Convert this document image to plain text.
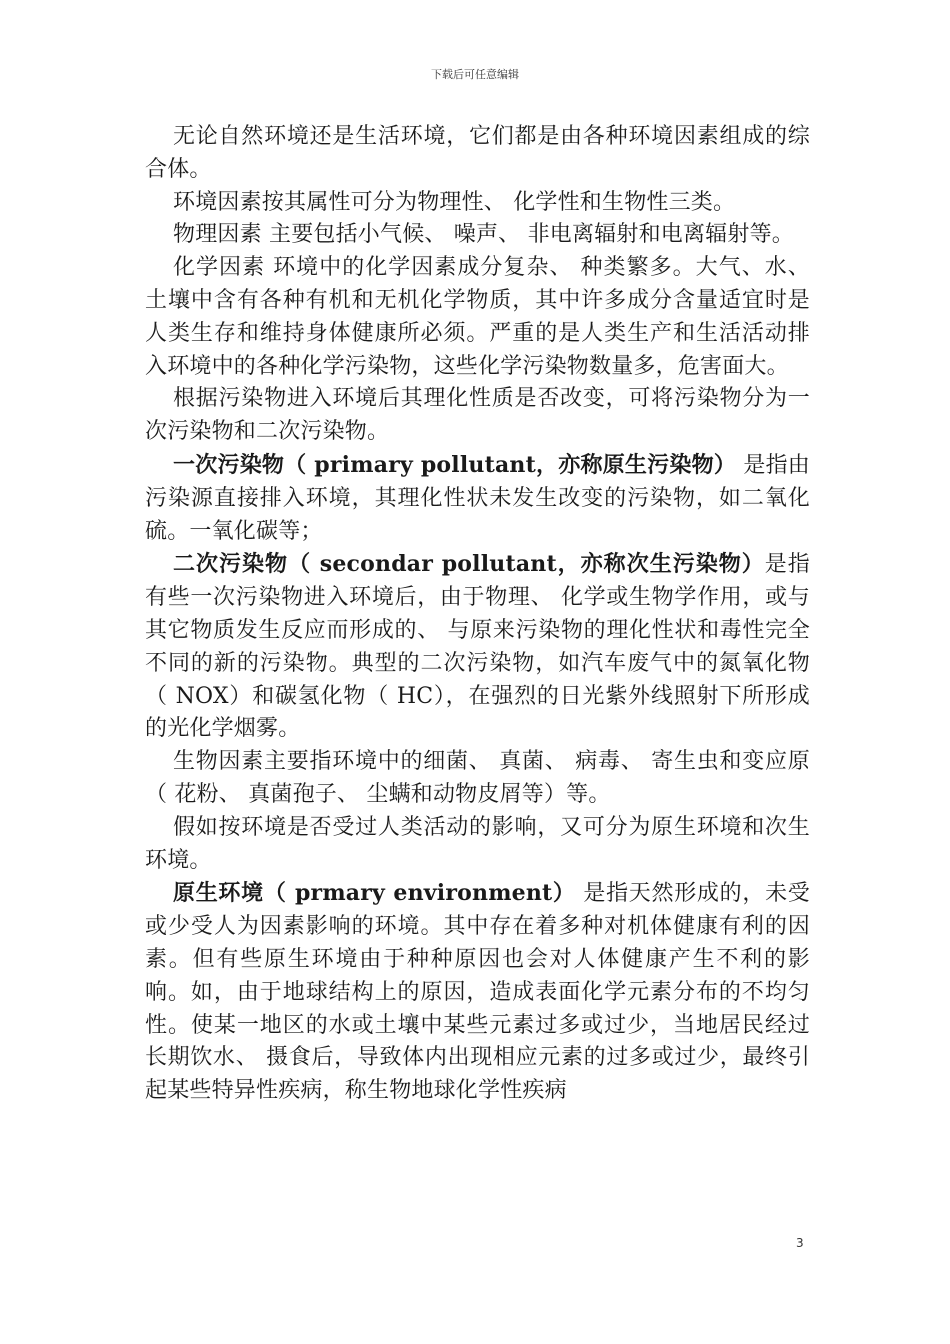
下载后可任意编辑

无论自然环境还是生活环境，它们都是由各种环境因素组成的综合体。

环境因素按其属性可分为物理性、 化学性和生物性三类。

物理因素 主要包括小气候、 噪声、 非电离辐射和电离辐射等。

化学因素 环境中的化学因素成分复杂、 种类繁多。大气、水、 土壤中含有各种有机和无机化学物质，其中许多成分含量适宜时是人类生存和维持身体健康所必须。严重的是人类生产和生活活动排入环境中的各种化学污染物，这些化学污染物数量多，危害面大。

根据污染物进入环境后其理化性质是否改变，可将污染物分为一次污染物和二次污染物。

一次污染物（ primary pollutant，亦称原生污染物） 是指由污染源直接排入环境，其理化性状未发生改变的污染物，如二氧化硫。一氧化碳等；

二次污染物（ secondar pollutant，亦称次生污染物）是指有些一次污染物进入环境后，由于物理、 化学或生物学作用，或与其它物质发生反应而形成的、 与原来污染物的理化性状和毒性完全不同的新的污染物。典型的二次污染物，如汽车废气中的氮氧化物（ NOX）和碳氢化物（ HC），在强烈的日光紫外线照射下所形成的光化学烟雾。

生物因素主要指环境中的细菌、 真菌、 病毒、 寄生虫和变应原（ 花粉、 真菌孢子、 尘螨和动物皮屑等）等。

假如按环境是否受过人类活动的影响，又可分为原生环境和次生环境。

原生环境（ prmary environment） 是指天然形成的，未受或少受人为因素影响的环境。其中存在着多种对机体健康有利的因素。但有些原生环境由于种种原因也会对人体健康产生不利的影响。如，由于地球结构上的原因，造成表面化学元素分布的不均匀性。使某一地区的水或土壤中某些元素过多或过少，当地居民经过长期饮水、 摄食后，导致体内出现相应元素的过多或过少，最终引起某些特异性疾病，称生物地球化学性疾病

3
